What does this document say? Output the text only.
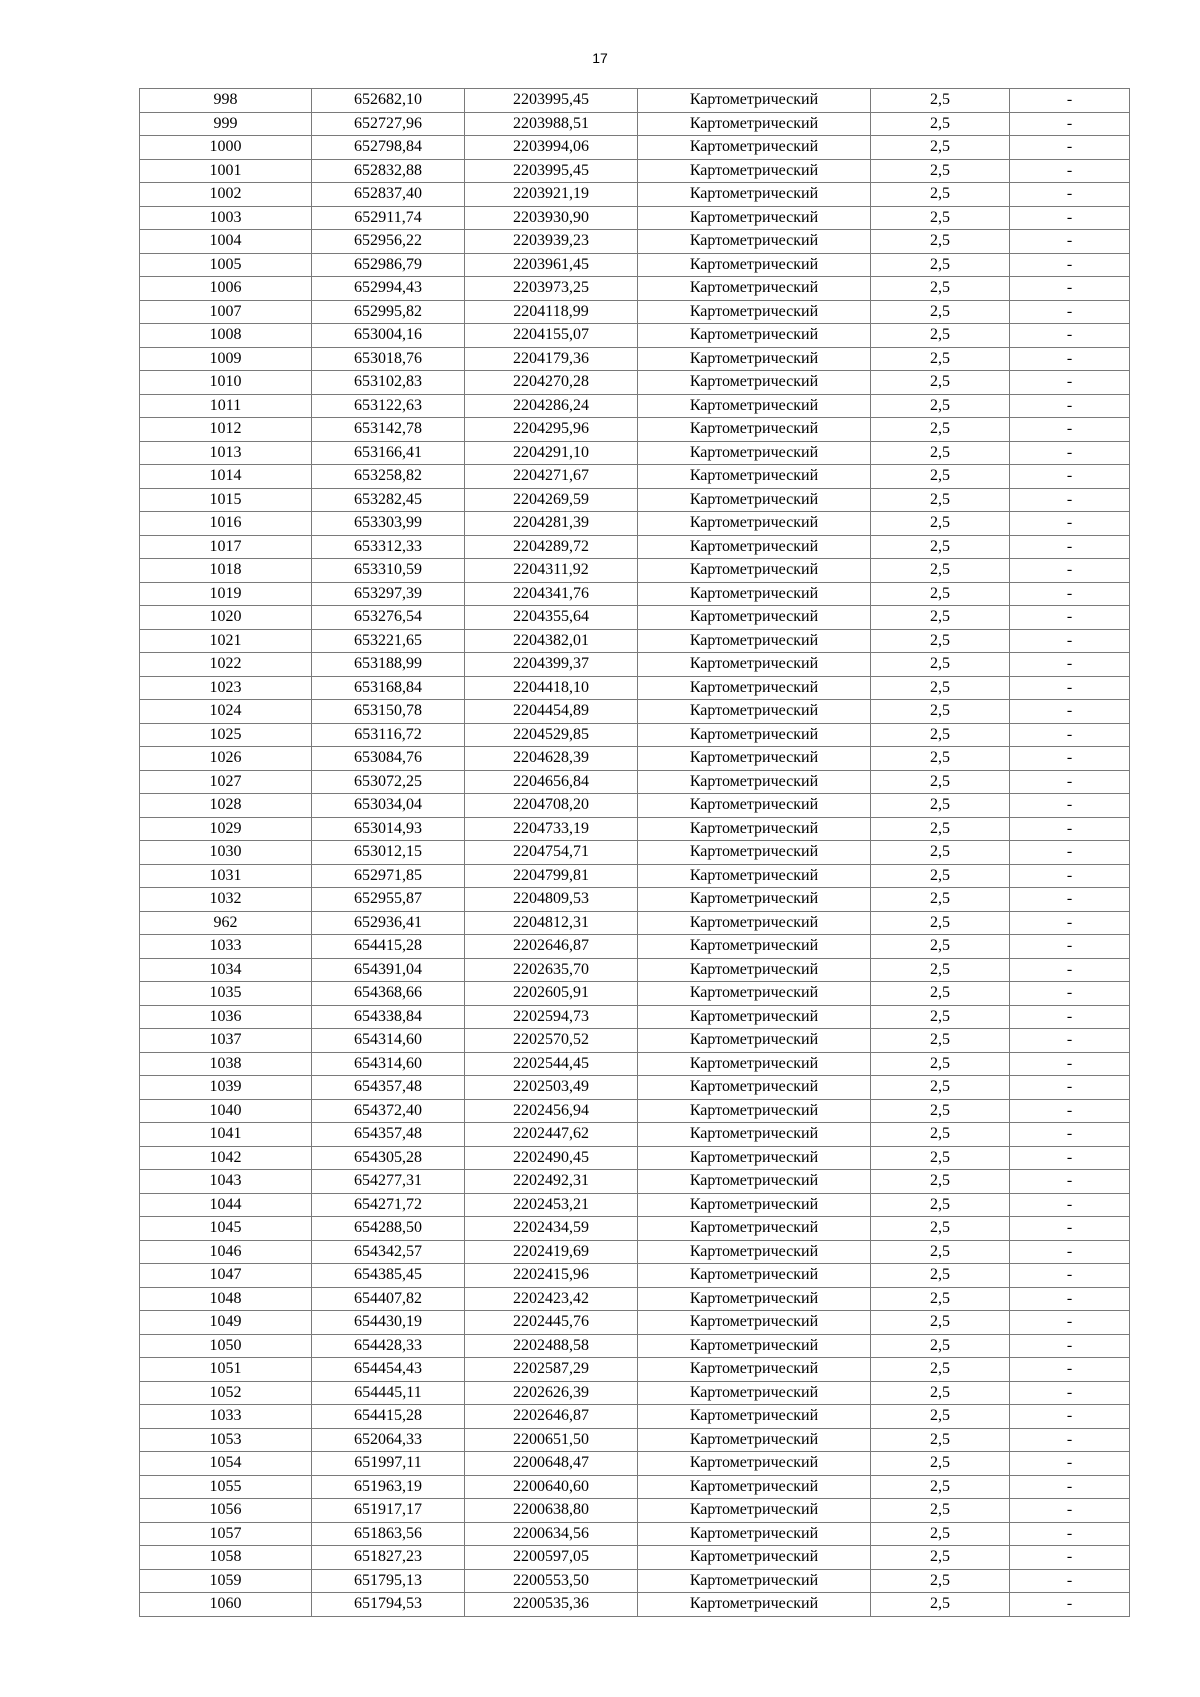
17
998	652682,10	2203995,45	Картометрический	2,5	-
999	652727,96	2203988,51	Картометрический	2,5	-
1000	652798,84	2203994,06	Картометрический	2,5	-
1001	652832,88	2203995,45	Картометрический	2,5	-
1002	652837,40	2203921,19	Картометрический	2,5	-
1003	652911,74	2203930,90	Картометрический	2,5	-
1004	652956,22	2203939,23	Картометрический	2,5	-
1005	652986,79	2203961,45	Картометрический	2,5	-
1006	652994,43	2203973,25	Картометрический	2,5	-
1007	652995,82	2204118,99	Картометрический	2,5	-
1008	653004,16	2204155,07	Картометрический	2,5	-
1009	653018,76	2204179,36	Картометрический	2,5	-
1010	653102,83	2204270,28	Картометрический	2,5	-
1011	653122,63	2204286,24	Картометрический	2,5	-
1012	653142,78	2204295,96	Картометрический	2,5	-
1013	653166,41	2204291,10	Картометрический	2,5	-
1014	653258,82	2204271,67	Картометрический	2,5	-
1015	653282,45	2204269,59	Картометрический	2,5	-
1016	653303,99	2204281,39	Картометрический	2,5	-
1017	653312,33	2204289,72	Картометрический	2,5	-
1018	653310,59	2204311,92	Картометрический	2,5	-
1019	653297,39	2204341,76	Картометрический	2,5	-
1020	653276,54	2204355,64	Картометрический	2,5	-
1021	653221,65	2204382,01	Картометрический	2,5	-
1022	653188,99	2204399,37	Картометрический	2,5	-
1023	653168,84	2204418,10	Картометрический	2,5	-
1024	653150,78	2204454,89	Картометрический	2,5	-
1025	653116,72	2204529,85	Картометрический	2,5	-
1026	653084,76	2204628,39	Картометрический	2,5	-
1027	653072,25	2204656,84	Картометрический	2,5	-
1028	653034,04	2204708,20	Картометрический	2,5	-
1029	653014,93	2204733,19	Картометрический	2,5	-
1030	653012,15	2204754,71	Картометрический	2,5	-
1031	652971,85	2204799,81	Картометрический	2,5	-
1032	652955,87	2204809,53	Картометрический	2,5	-
962	652936,41	2204812,31	Картометрический	2,5	-
1033	654415,28	2202646,87	Картометрический	2,5	-
1034	654391,04	2202635,70	Картометрический	2,5	-
1035	654368,66	2202605,91	Картометрический	2,5	-
1036	654338,84	2202594,73	Картометрический	2,5	-
1037	654314,60	2202570,52	Картометрический	2,5	-
1038	654314,60	2202544,45	Картометрический	2,5	-
1039	654357,48	2202503,49	Картометрический	2,5	-
1040	654372,40	2202456,94	Картометрический	2,5	-
1041	654357,48	2202447,62	Картометрический	2,5	-
1042	654305,28	2202490,45	Картометрический	2,5	-
1043	654277,31	2202492,31	Картометрический	2,5	-
1044	654271,72	2202453,21	Картометрический	2,5	-
1045	654288,50	2202434,59	Картометрический	2,5	-
1046	654342,57	2202419,69	Картометрический	2,5	-
1047	654385,45	2202415,96	Картометрический	2,5	-
1048	654407,82	2202423,42	Картометрический	2,5	-
1049	654430,19	2202445,76	Картометрический	2,5	-
1050	654428,33	2202488,58	Картометрический	2,5	-
1051	654454,43	2202587,29	Картометрический	2,5	-
1052	654445,11	2202626,39	Картометрический	2,5	-
1033	654415,28	2202646,87	Картометрический	2,5	-
1053	652064,33	2200651,50	Картометрический	2,5	-
1054	651997,11	2200648,47	Картометрический	2,5	-
1055	651963,19	2200640,60	Картометрический	2,5	-
1056	651917,17	2200638,80	Картометрический	2,5	-
1057	651863,56	2200634,56	Картометрический	2,5	-
1058	651827,23	2200597,05	Картометрический	2,5	-
1059	651795,13	2200553,50	Картометрический	2,5	-
1060	651794,53	2200535,36	Картометрический	2,5	-
